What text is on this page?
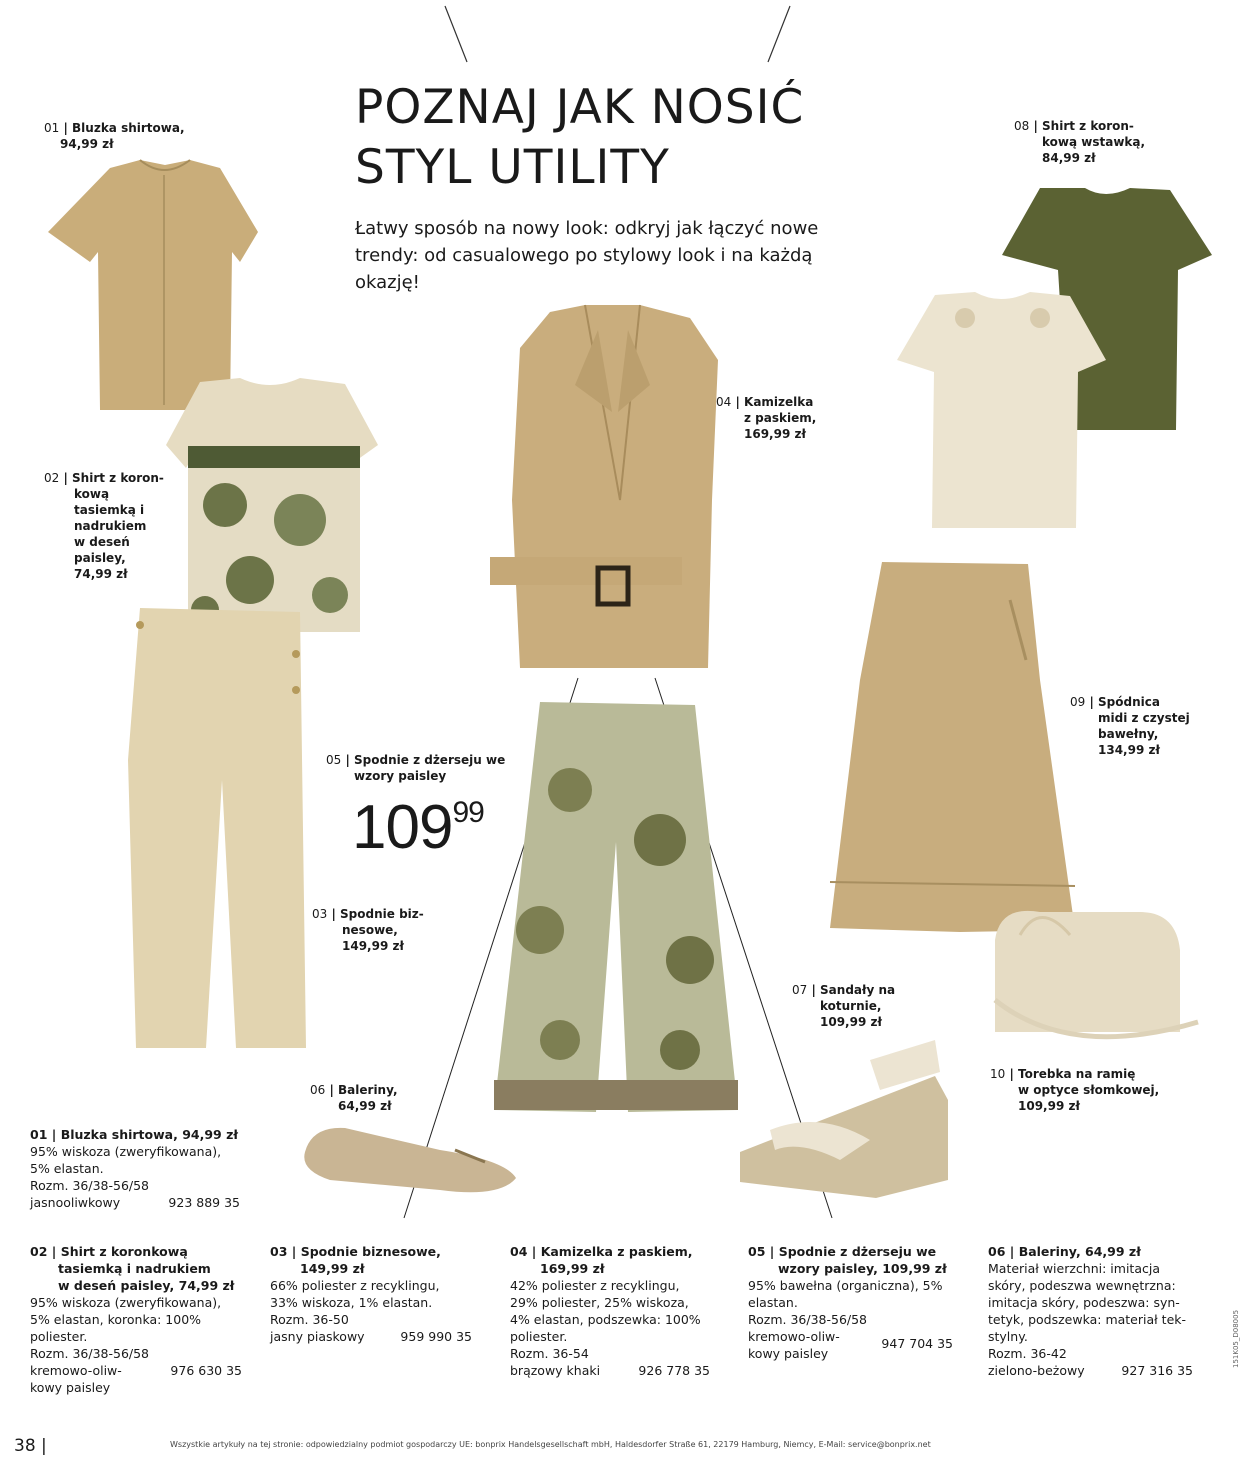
POZNAJ JAK NOSIĆ
STYL UTILITY
Łatwy sposób na nowy look: odkryj jak łączyć nowe trendy: od casualowego po stylowy look i na każdą okazję!
01 | Bluzka shirtowa,
94,99 zł
02 | Shirt z koron-
kową
tasiemką i
nadrukiem
w deseń
paisley,
74,99 zł
03 | Spodnie biz-
nesowe,
149,99 zł
04 | Kamizelka
z paskiem,
169,99 zł
05 | Spodnie z dżerseju we
wzory paisley
$109^{99}$
06 | Baleriny,
64,99 zł
07 | Sandały na
koturnie,
109,99 zł
08 | Shirt z koron-
kową wstawką,
84,99 zł
09 | Spódnica
midi z czystej
bawełny,
134,99 zł
10 | Torebka na ramię
w optyce słomkowej,
109,99 zł
01 | Bluzka shirtowa, 94,99 zł
95% wiskoza (zweryfikowana),
5% elastan.
Rozm. 36/38-56/58
jasnooliwkowy	923 889 35
02 | Shirt z koronkową
tasiemką i nadrukiem
w deseń paisley, 74,99 zł
95% wiskoza (zweryfikowana),
5% elastan, koronka: 100%
poliester.
Rozm. 36/38-56/58
kremowo-oliw-	976 630 35
kowy paisley
03 | Spodnie biznesowe,
149,99 zł
66% poliester z recyklingu,
33% wiskoza, 1% elastan.
Rozm. 36-50
jasny piaskowy	959 990 35
04 | Kamizelka z paskiem,
169,99 zł
42% poliester z recyklingu,
29% poliester, 25% wiskoza,
4% elastan, podszewka: 100%
poliester.
Rozm. 36-54
brązowy khaki	926 778 35
05 | Spodnie z dżerseju we
wzory paisley, 109,99 zł
95% bawełna (organiczna), 5%
elastan.
Rozm. 36/38-56/58
kremowo-oliw-
kowy paisley
947 704 35
06 | Baleriny, 64,99 zł
Materiał wierzchni: imitacja
skóry, podeszwa wewnętrzna:
imitacja skóry, podeszwa: syn-
tetyk, podszewka: materiał tek-
stylny.
Rozm. 36-42
zielono-beżowy	927 316 35
38 |	Wszystkie artykuły na tej stronie: odpowiedzialny podmiot gospodarczy UE: bonprix Handelsgesellschaft mbH, Haldesdorfer Straße 61, 22179 Hamburg, Niemcy, E-Mail: service@bonprix.net
151K05_D08005
